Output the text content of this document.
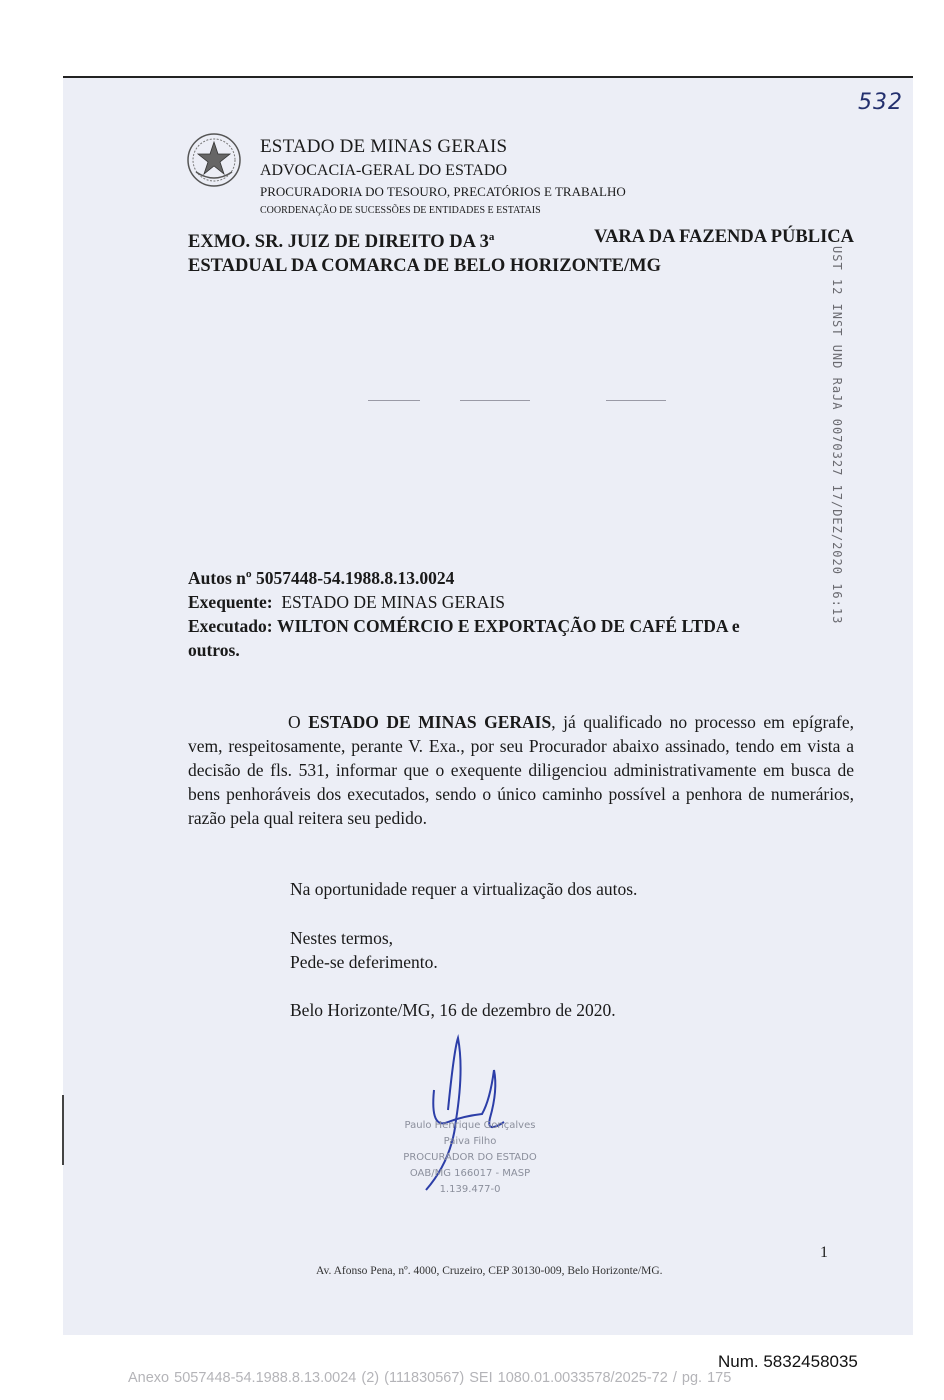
532
ESTADO DE MINAS GERAIS
ADVOCACIA-GERAL DO ESTADO
PROCURADORIA DO TESOURO, PRECATÓRIOS E TRABALHO
COORDENAÇÃO DE SUCESSÕES DE ENTIDADES E ESTATAIS
EXMO. SR. JUIZ DE DIREITO DA 3$^a$	VARA DA FAZENDA PÚBLICA
ESTADUAL DA COMARCA DE BELO HORIZONTE/MG	UST 12 INST UND RaJA 0070327 17/DEZ/2020 16:13
Autos nº 5057448-54.1988.8.13.0024
Exequente: ESTADO DE MINAS GERAIS
Executado: WILTON COMÉRCIO E EXPORTAÇÃO DE CAFÉ LTDA e
outros.

O ESTADO DE MINAS GERAIS, já qualificado no processo em epígrafe, vem, respeitosamente, perante V. Exa., por seu Procurador abaixo assinado, tendo em vista a decisão de fls. 531, informar que o exequente diligenciou administrativamente em busca de bens penhoráveis dos executados, sendo o único caminho possível a penhora de numerários, razão pela qual reitera seu pedido.

Na oportunidade requer a virtualização dos autos.
Nestes termos,
Pede-se deferimento.
Belo Horizonte/MG, 16 de dezembro de 2020.
Paulo Henrique Gonçalves Paiva Filho
PROCURADOR DO ESTADO
OAB/MG 166017 - MASP 1.139.477-0
1
Av. Afonso Pena, nº. 4000, Cruzeiro, CEP 30130-009, Belo Horizonte/MG.
Num. 5832458035
Anexo 5057448-54.1988.8.13.0024 (2) (111830567) SEI 1080.01.0033578/2025-72 / pg. 175
